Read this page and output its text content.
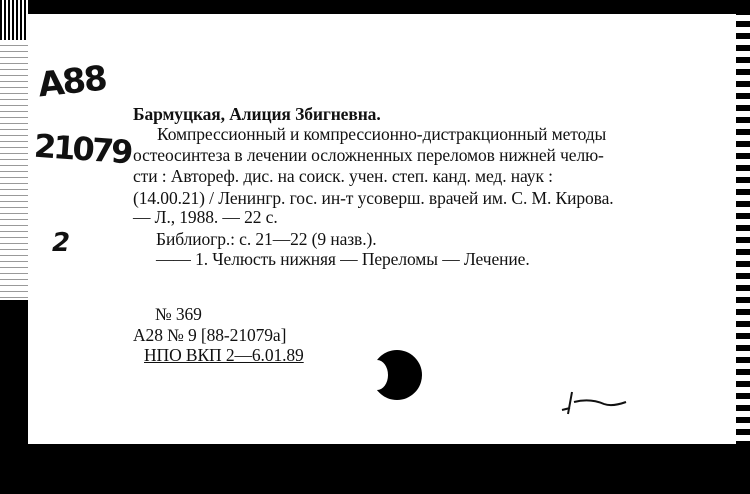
A88
21079
2
Бармуцкая, Алиция Збигневна.
Компрессионный и компрессионно-дистракционный методы
остеосинтеза в лечении осложненных переломов нижней челю-
сти : Автореф. дис. на соиск. учен. степ. канд. мед. наук :
(14.00.21) / Ленингр. гос. ин-т усоверш. врачей им. С. М. Кирова.
— Л., 1988. — 22 с.
Библиогр.: с. 21—22 (9 назв.).
—— 1. Челюсть нижняя — Переломы — Лечение.
№ 369
А28 № 9 [88-21079а]
НПО ВКП 2—6.01.89
